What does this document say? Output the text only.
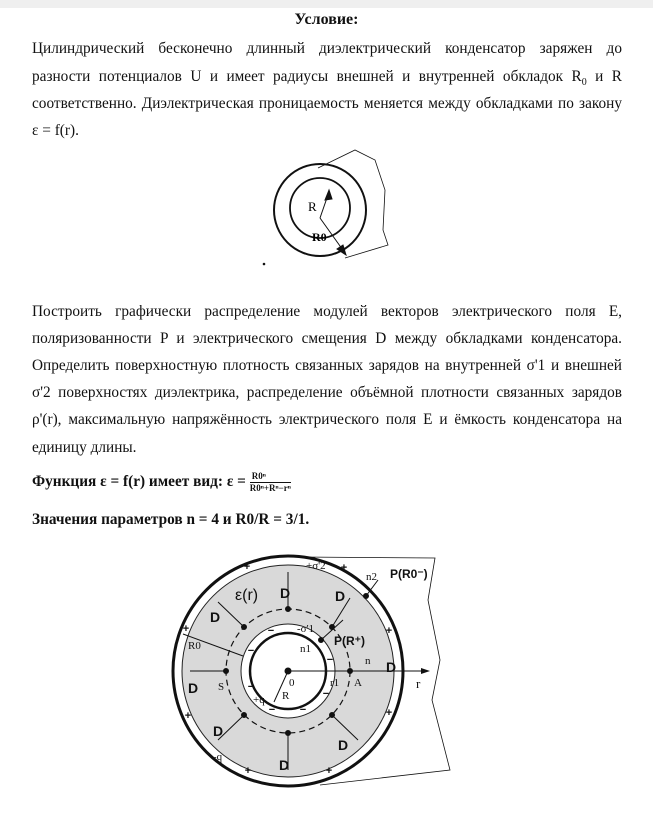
Условие:
Цилиндрический бесконечно длинный диэлектрический конденсатор заряжен до
разности потенциалов U и имеет радиусы внешней и внутренней обкладок $R_0$ и R
соответственно. Диэлектрическая проницаемость меняется между обкладками по закону
ε = f(r).
R
R0
D	D
D
D
D
D
D
D
ε(r)
+σ'2
-σ'1
n2
n1
n
P(R0⁻)
P(R⁺)
R0
R
0
S	A
r1	r
+q
-q
+	+
+	+
+	+
+	+
−
−
−
−
−
− −
Построить графически распределение модулей векторов электрического поля E,
поляризованности P и электрического смещения D между обкладками конденсатора.
Определить поверхностную плотность связанных зарядов на внутренней σ'1 и внешней
σ'2 поверхностях диэлектрика, распределение объёмной плотности связанных зарядов
ρ'(r), максимальную напряжённость электрического поля E и ёмкость конденсатора на
единицу длины.
Функция ε = f(r) имеет вид: $\varepsilon = \frac{\text{R0ⁿ}}{\text{R0ⁿ+Rⁿ−rⁿ}}$
Значения параметров n = 4 и R0/R = 3/1.
